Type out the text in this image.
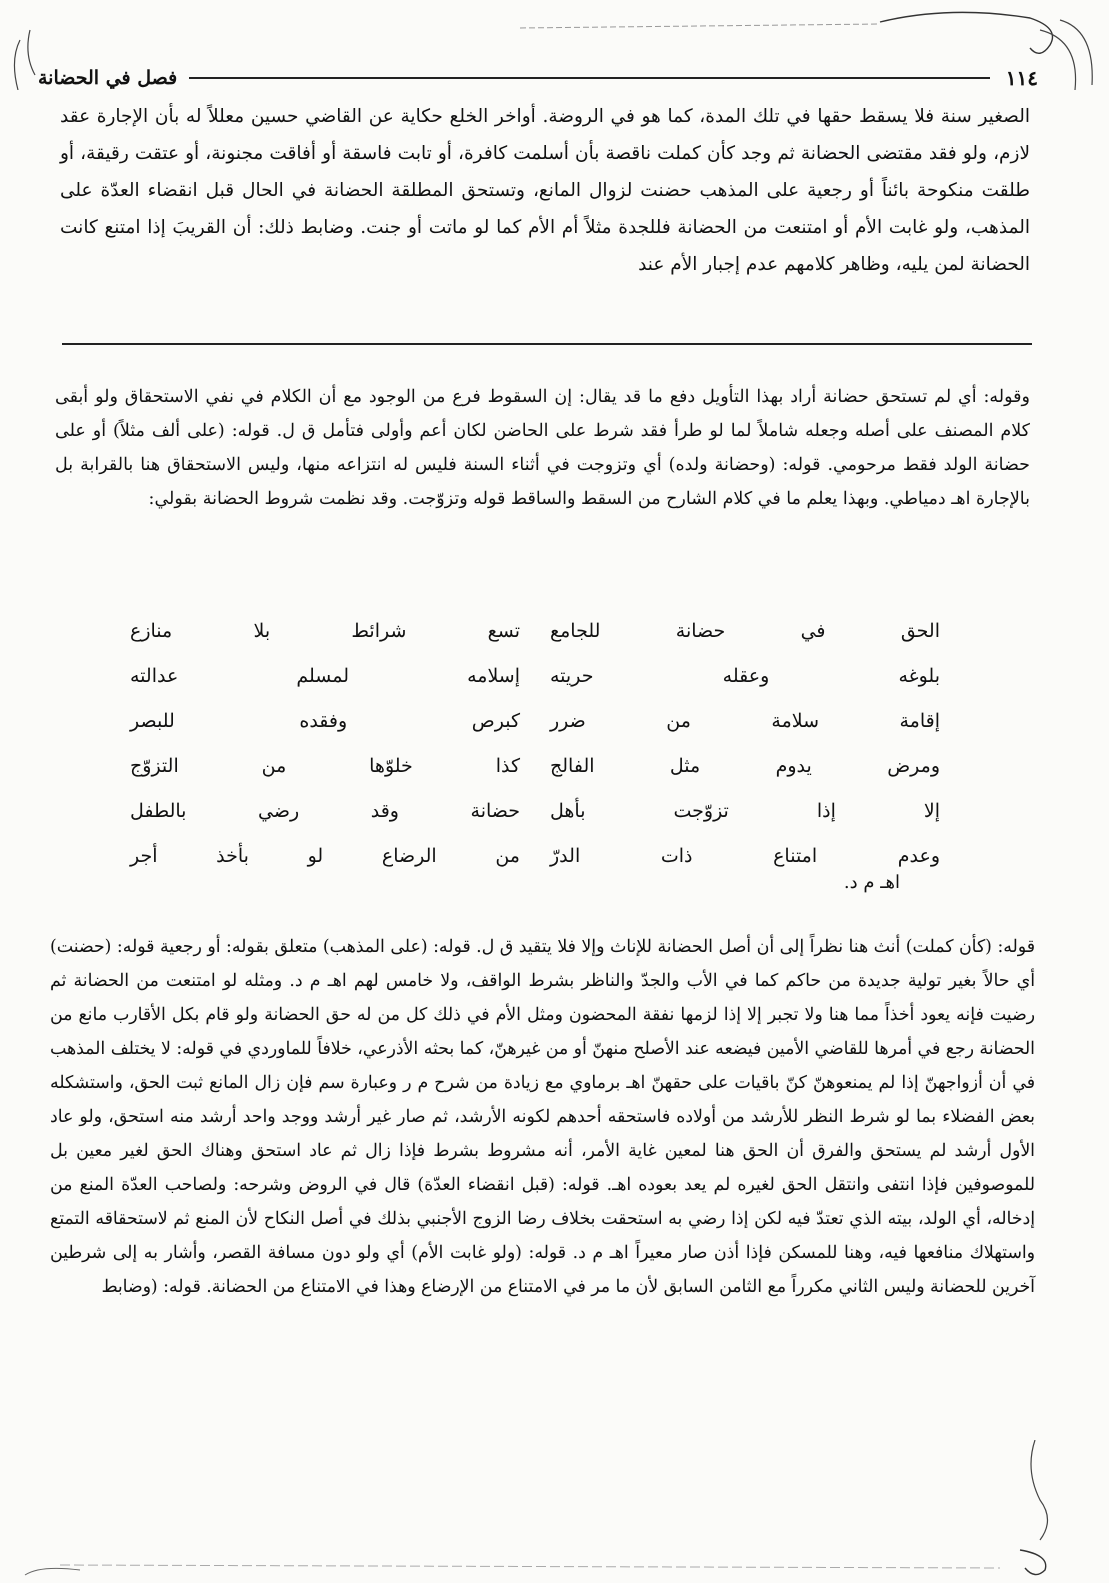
١١٤
فصل في الحضانة

الصغير سنة فلا يسقط حقها في تلك المدة، كما هو في الروضة. أواخر الخلع حكاية عن القاضي حسين معللاً له بأن الإجارة عقد لازم، ولو فقد مقتضى الحضانة ثم وجد كأن كملت ناقصة بأن أسلمت كافرة، أو تابت فاسقة أو أفاقت مجنونة، أو عتقت رقيقة، أو طلقت منكوحة بائناً أو رجعية على المذهب حضنت لزوال المانع، وتستحق المطلقة الحضانة في الحال قبل انقضاء العدّة على المذهب، ولو غابت الأم أو امتنعت من الحضانة فللجدة مثلاً أم الأم كما لو ماتت أو جنت. وضابط ذلك: أن القريبَ إذا امتنع كانت الحضانة لمن يليه، وظاهر كلامهم عدم إجبار الأم عند

وقوله: أي لم تستحق حضانة أراد بهذا التأويل دفع ما قد يقال: إن السقوط فرع من الوجود مع أن الكلام في نفي الاستحقاق ولو أبقى كلام المصنف على أصله وجعله شاملاً لما لو طرأ فقد شرط على الحاضن لكان أعم وأولى فتأمل ق ل. قوله: (على ألف مثلاً) أو على حضانة الولد فقط مرحومي. قوله: (وحضانة ولده) أي وتزوجت في أثناء السنة فليس له انتزاعه منها، وليس الاستحقاق هنا بالقرابة بل بالإجارة اهـ دمياطي. وبهذا يعلم ما في كلام الشارح من السقط والساقط قوله وتزوّجت. وقد نظمت شروط الحضانة بقولي:

الحق في حضانة للجامع
تسع شرائط بلا منازع
بلوغه وعقله حريته
إسلامه لمسلم عدالته
إقامة سلامة من ضرر
كبرص وفقده للبصر
ومرض يدوم مثل الفالج
كذا خلوّها من التزوّج
إلا إذا تزوّجت بأهل
حضانة وقد رضي بالطفل
وعدم امتناع ذات الدرّ
من الرضاع لو بأخذ أجر
اهـ م د.

قوله: (كأن كملت) أنث هنا نظراً إلى أن أصل الحضانة للإناث وإلا فلا يتقيد ق ل. قوله: (على المذهب) متعلق بقوله: أو رجعية قوله: (حضنت) أي حالاً بغير تولية جديدة من حاكم كما في الأب والجدّ والناظر بشرط الواقف، ولا خامس لهم اهـ م د. ومثله لو امتنعت من الحضانة ثم رضيت فإنه يعود أخذاً مما هنا ولا تجبر إلا إذا لزمها نفقة المحضون ومثل الأم في ذلك كل من له حق الحضانة ولو قام بكل الأقارب مانع من الحضانة رجع في أمرها للقاضي الأمين فيضعه عند الأصلح منهنّ أو من غيرهنّ، كما بحثه الأذرعي، خلافاً للماوردي في قوله: لا يختلف المذهب في أن أزواجهنّ إذا لم يمنعوهنّ كنّ باقيات على حقهنّ اهـ برماوي مع زيادة من شرح م ر وعبارة سم فإن زال المانع ثبت الحق، واستشكله بعض الفضلاء بما لو شرط النظر للأرشد من أولاده فاستحقه أحدهم لكونه الأرشد، ثم صار غير أرشد ووجد واحد أرشد منه استحق، ولو عاد الأول أرشد لم يستحق والفرق أن الحق هنا لمعين غاية الأمر، أنه مشروط بشرط فإذا زال ثم عاد استحق وهناك الحق لغير معين بل للموصوفين فإذا انتفى وانتقل الحق لغيره لم يعد بعوده اهـ. قوله: (قبل انقضاء العدّة) قال في الروض وشرحه: ولصاحب العدّة المنع من إدخاله، أي الولد، بيته الذي تعتدّ فيه لكن إذا رضي به استحقت بخلاف رضا الزوج الأجنبي بذلك في أصل النكاح لأن المنع ثم لاستحقاقه التمتع واستهلاك منافعها فيه، وهنا للمسكن فإذا أذن صار معيراً اهـ م د. قوله: (ولو غابت الأم) أي ولو دون مسافة القصر، وأشار به إلى شرطين آخرين للحضانة وليس الثاني مكرراً مع الثامن السابق لأن ما مر في الامتناع من الإرضاع وهذا في الامتناع من الحضانة. قوله: (وضابط
